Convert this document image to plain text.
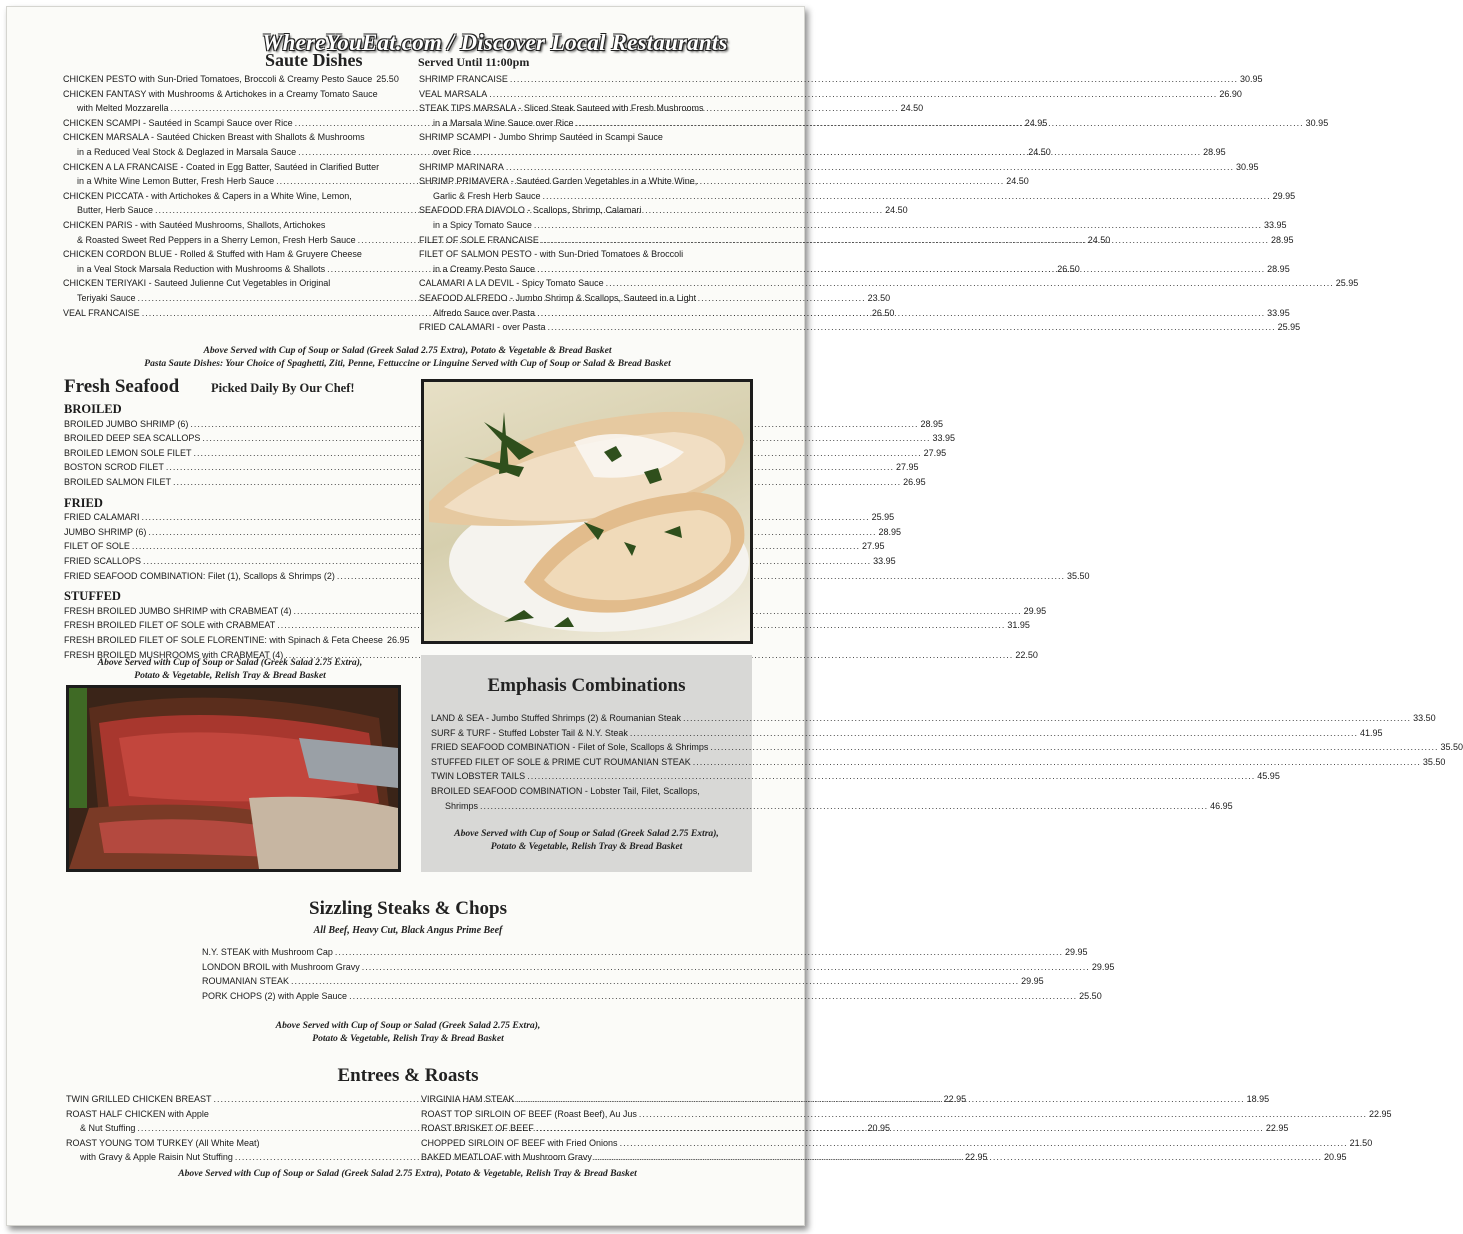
WhereYouEat.com / Discover Local Restaurants
Saute Dishes	Served Until 11:00pm
CHICKEN PESTO with Sun-Dried Tomatoes, Broccoli & Creamy Pesto Sauce 25.50
CHICKEN FANTASY with Mushrooms & Artichokes in a Creamy Tomato Sauce
with Melted Mozzarella .....	24.50
CHICKEN SCAMPI - Sautéed in Scampi Sauce over Rice .....	24.95
CHICKEN MARSALA - Sautéed Chicken Breast with Shallots & Mushrooms
in a Reduced Veal Stock & Deglazed in Marsala Sauce .....	24.50
CHICKEN A LA FRANCAISE - Coated in Egg Batter, Sautéed in Clarified Butter
in a White Wine Lemon Butter, Fresh Herb Sauce .....	24.50
CHICKEN PICCATA - with Artichokes & Capers in a White Wine, Lemon,
Butter, Herb Sauce .....	24.50
CHICKEN PARIS - with Sautéed Mushrooms, Shallots, Artichokes
& Roasted Sweet Red Peppers in a Sherry Lemon, Fresh Herb Sauce .....	24.50
CHICKEN CORDON BLUE - Rolled & Stuffed with Ham & Gruyere Cheese
in a Veal Stock Marsala Reduction with Mushrooms & Shallots .....	26.50
CHICKEN TERIYAKI - Sauteed Julienne Cut Vegetables in Original
Teriyaki Sauce .....	23.50
VEAL FRANCAISE .....	26.50
SHRIMP FRANCAISE .....	30.95
VEAL MARSALA .....	26.90
STEAK TIPS MARSALA - Sliced Steak Sauteed with Fresh Mushrooms
in a Marsala Wine Sauce over Rice .....	30.95
SHRIMP SCAMPI - Jumbo Shrimp Sautéed in Scampi Sauce
over Rice .....	28.95
SHRIMP MARINARA .....	30.95
SHRIMP PRIMAVERA - Sautéed Garden Vegetables in a White Wine,
Garlic & Fresh Herb Sauce .....	29.95
SEAFOOD FRA DIAVOLO - Scallops, Shrimp, Calamari
in a Spicy Tomato Sauce .....	33.95
FILET OF SOLE FRANCAISE .....	28.95
FILET OF SALMON PESTO - with Sun-Dried Tomatoes & Broccoli
in a Creamy Pesto Sauce .....	28.95
CALAMARI A LA DEVIL - Spicy Tomato Sauce .....	25.95
SEAFOOD ALFREDO - Jumbo Shrimp & Scallops, Sauteed in a Light
Alfredo Sauce over Pasta .....	33.95
FRIED CALAMARI - over Pasta .....	25.95
Above Served with Cup of Soup or Salad (Greek Salad 2.75 Extra), Potato & Vegetable & Bread Basket
Pasta Saute Dishes: Your Choice of Spaghetti, Ziti, Penne, Fettuccine or Linguine Served with Cup of Soup or Salad & Bread Basket
Fresh Seafood	Picked Daily By Our Chef!
BROILED
BROILED JUMBO SHRIMP (6) .....	28.95
BROILED DEEP SEA SCALLOPS .....	33.95
BROILED LEMON SOLE FILET .....	27.95
BOSTON SCROD FILET .....	27.95
BROILED SALMON FILET .....	26.95
FRIED
FRIED CALAMARI .....	25.95
JUMBO SHRIMP (6) .....	28.95
FILET OF SOLE .....	27.95
FRIED SCALLOPS .....	33.95
FRIED SEAFOOD COMBINATION: Filet (1), Scallops & Shrimps (2) .....	35.50
STUFFED
FRESH BROILED JUMBO SHRIMP with CRABMEAT (4) .....	29.95
FRESH BROILED FILET OF SOLE with CRABMEAT .....	31.95
FRESH BROILED FILET OF SOLE FLORENTINE: with Spinach & Feta Cheese 26.95
FRESH BROILED MUSHROOMS with CRABMEAT (4) .....	22.50
Above Served with Cup of Soup or Salad (Greek Salad 2.75 Extra),
Potato & Vegetable, Relish Tray & Bread Basket	Emphasis Combinations
LAND & SEA - Jumbo Stuffed Shrimps (2) & Roumanian Steak .....	33.50
SURF & TURF - Stuffed Lobster Tail & N.Y. Steak .....	41.95
FRIED SEAFOOD COMBINATION - Filet of Sole, Scallops & Shrimps .....	35.50
STUFFED FILET OF SOLE & PRIME CUT ROUMANIAN STEAK .....	35.50
TWIN LOBSTER TAILS .....	45.95
BROILED SEAFOOD COMBINATION - Lobster Tail, Filet, Scallops,
Shrimps .....	46.95
Above Served with Cup of Soup or Salad (Greek Salad 2.75 Extra),
Potato & Vegetable, Relish Tray & Bread Basket
Sizzling Steaks & Chops
All Beef, Heavy Cut, Black Angus Prime Beef
N.Y. STEAK with Mushroom Cap .....	29.95
LONDON BROIL with Mushroom Gravy .....	29.95
ROUMANIAN STEAK .....	29.95
PORK CHOPS (2) with Apple Sauce .....	25.50
Above Served with Cup of Soup or Salad (Greek Salad 2.75 Extra),
Potato & Vegetable, Relish Tray & Bread Basket
Entrees & Roasts
TWIN GRILLED CHICKEN BREAST .....	22.95
ROAST HALF CHICKEN with Apple
& Nut Stuffing .....	20.95
ROAST YOUNG TOM TURKEY (All White Meat)
with Gravy & Apple Raisin Nut Stuffing .....	22.95
VIRGINIA HAM STEAK .....	18.95
ROAST TOP SIRLOIN OF BEEF (Roast Beef), Au Jus .....	22.95
ROAST BRISKET OF BEEF .....	22.95
CHOPPED SIRLOIN OF BEEF with Fried Onions .....	21.50
BAKED MEATLOAF with Mushroom Gravy .....	20.95
Above Served with Cup of Soup or Salad (Greek Salad 2.75 Extra), Potato & Vegetable, Relish Tray & Bread Basket
